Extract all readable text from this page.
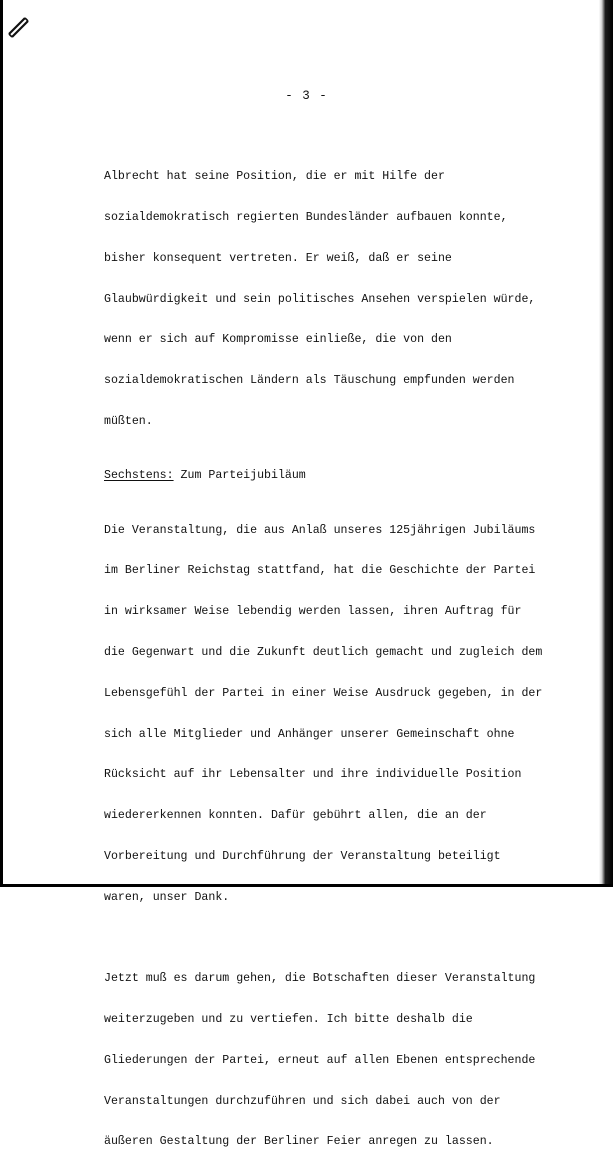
- 3 -

Albrecht hat seine Position, die er mit Hilfe der

sozialdemokratisch regierten Bundesländer aufbauen konnte,

bisher konsequent vertreten. Er weiß, daß er seine

Glaubwürdigkeit und sein politisches Ansehen verspielen würde,

wenn er sich auf Kompromisse einließe, die von den

sozialdemokratischen Ländern als Täuschung empfunden werden

müßten.

Sechstens: Zum Parteijubiläum

Die Veranstaltung, die aus Anlaß unseres 125jährigen Jubiläums

im Berliner Reichstag stattfand, hat die Geschichte der Partei

in wirksamer Weise lebendig werden lassen, ihren Auftrag für

die Gegenwart und die Zukunft deutlich gemacht und zugleich dem

Lebensgefühl der Partei in einer Weise Ausdruck gegeben, in der

sich alle Mitglieder und Anhänger unserer Gemeinschaft ohne

Rücksicht auf ihr Lebensalter und ihre individuelle Position

wiedererkennen konnten. Dafür gebührt allen, die an der

Vorbereitung und Durchführung der Veranstaltung beteiligt

waren, unser Dank.

Jetzt muß es darum gehen, die Botschaften dieser Veranstaltung

weiterzugeben und zu vertiefen. Ich bitte deshalb die

Gliederungen der Partei, erneut auf allen Ebenen entsprechende

Veranstaltungen durchzuführen und sich dabei auch von der

äußeren Gestaltung der Berliner Feier anregen zu lassen.
